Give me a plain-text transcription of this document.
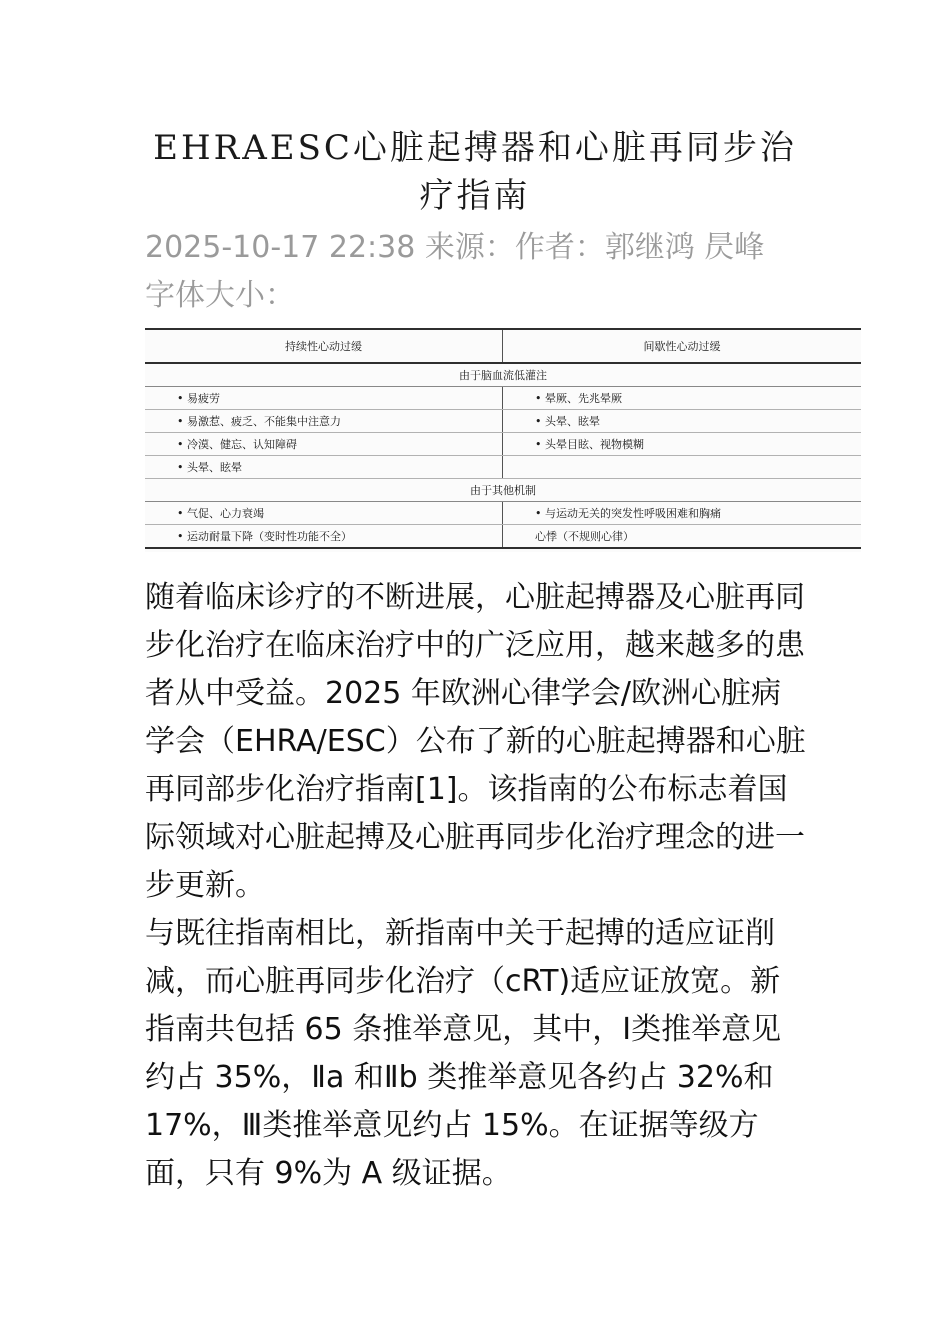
EHRAESC心脏起搏器和心脏再同步治疗指南

2025-10-17 22:38 来源：作者：郭继鸿 昃峰

字体大小：

持续性心动过缓	间歇性心动过缓
由于脑血流低灌注	
• 易疲劳	• 晕厥、先兆晕厥
• 易激惹、疲乏、不能集中注意力	• 头晕、眩晕
• 冷漠、健忘、认知障碍	• 头晕目眩、视物模糊
• 头晕、眩晕	
由于其他机制	
• 气促、心力衰竭	• 与运动无关的突发性呼吸困难和胸痛
• 运动耐量下降（变时性功能不全）	心悸（不规则心律）

随着临床诊疗的不断进展，心脏起搏器及心脏再同步化治疗在临床治疗中的广泛应用，越来越多的患者从中受益。2025 年欧洲心律学会/欧洲心脏病学会（EHRA/ESC）公布了新的心脏起搏器和心脏再同部步化治疗指南[1]。该指南的公布标志着国际领域对心脏起搏及心脏再同步化治疗理念的进一步更新。

与既往指南相比，新指南中关于起搏的适应证削减，而心脏再同步化治疗（cRT)适应证放宽。新指南共包括 65 条推举意见，其中，Ⅰ类推举意见约占 35%，Ⅱa 和Ⅱb 类推举意见各约占 32%和 17%，Ⅲ类推举意见约占 15%。在证据等级方面，只有 9%为 A 级证据。
